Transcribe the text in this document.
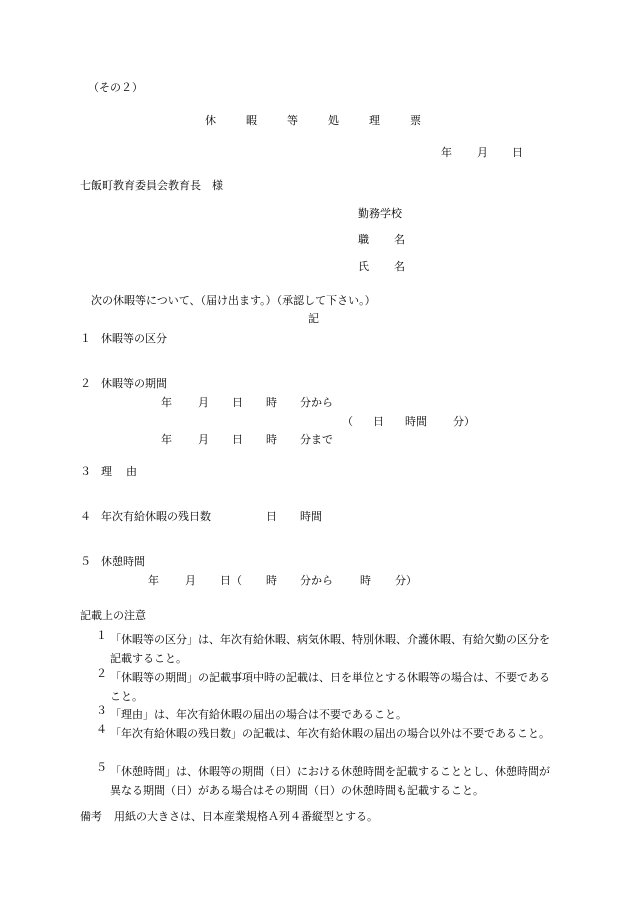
（その２）
休	暇	等	処	理	票
年 月 日
七飯町教育委員会教育長　様
勤務学校
職 名
氏 名
次の休暇等について、（届け出ます。）（承認して下さい。）
記
１ 休暇等の区分
２ 休暇等の期間
年 月 日 時 分から
（ 日 時間 分）
年 月 日 時 分まで
３ 理 由
４ 年次有給休暇の残日数	日 時間
５ 休憩時間
年 月 日（ 時 分から 時 分）
記載上の注意
１ 「休暇等の区分」は、年次有給休暇、病気休暇、特別休暇、介護休暇、有給欠勤の区分を記載すること。
２ 「休暇等の期間」の記載事項中時の記載は、日を単位とする休暇等の場合は、不要であること。
３ 「理由」は、年次有給休暇の届出の場合は不要であること。
４ 「年次有給休暇の残日数」の記載は、年次有給休暇の届出の場合以外は不要であること。
５ 「休憩時間」は、休暇等の期間（日）における休憩時間を記載することとし、休憩時間が異なる期間（日）がある場合はその期間（日）の休憩時間も記載すること。
備考 用紙の大きさは、日本産業規格Ａ列４番縦型とする。
